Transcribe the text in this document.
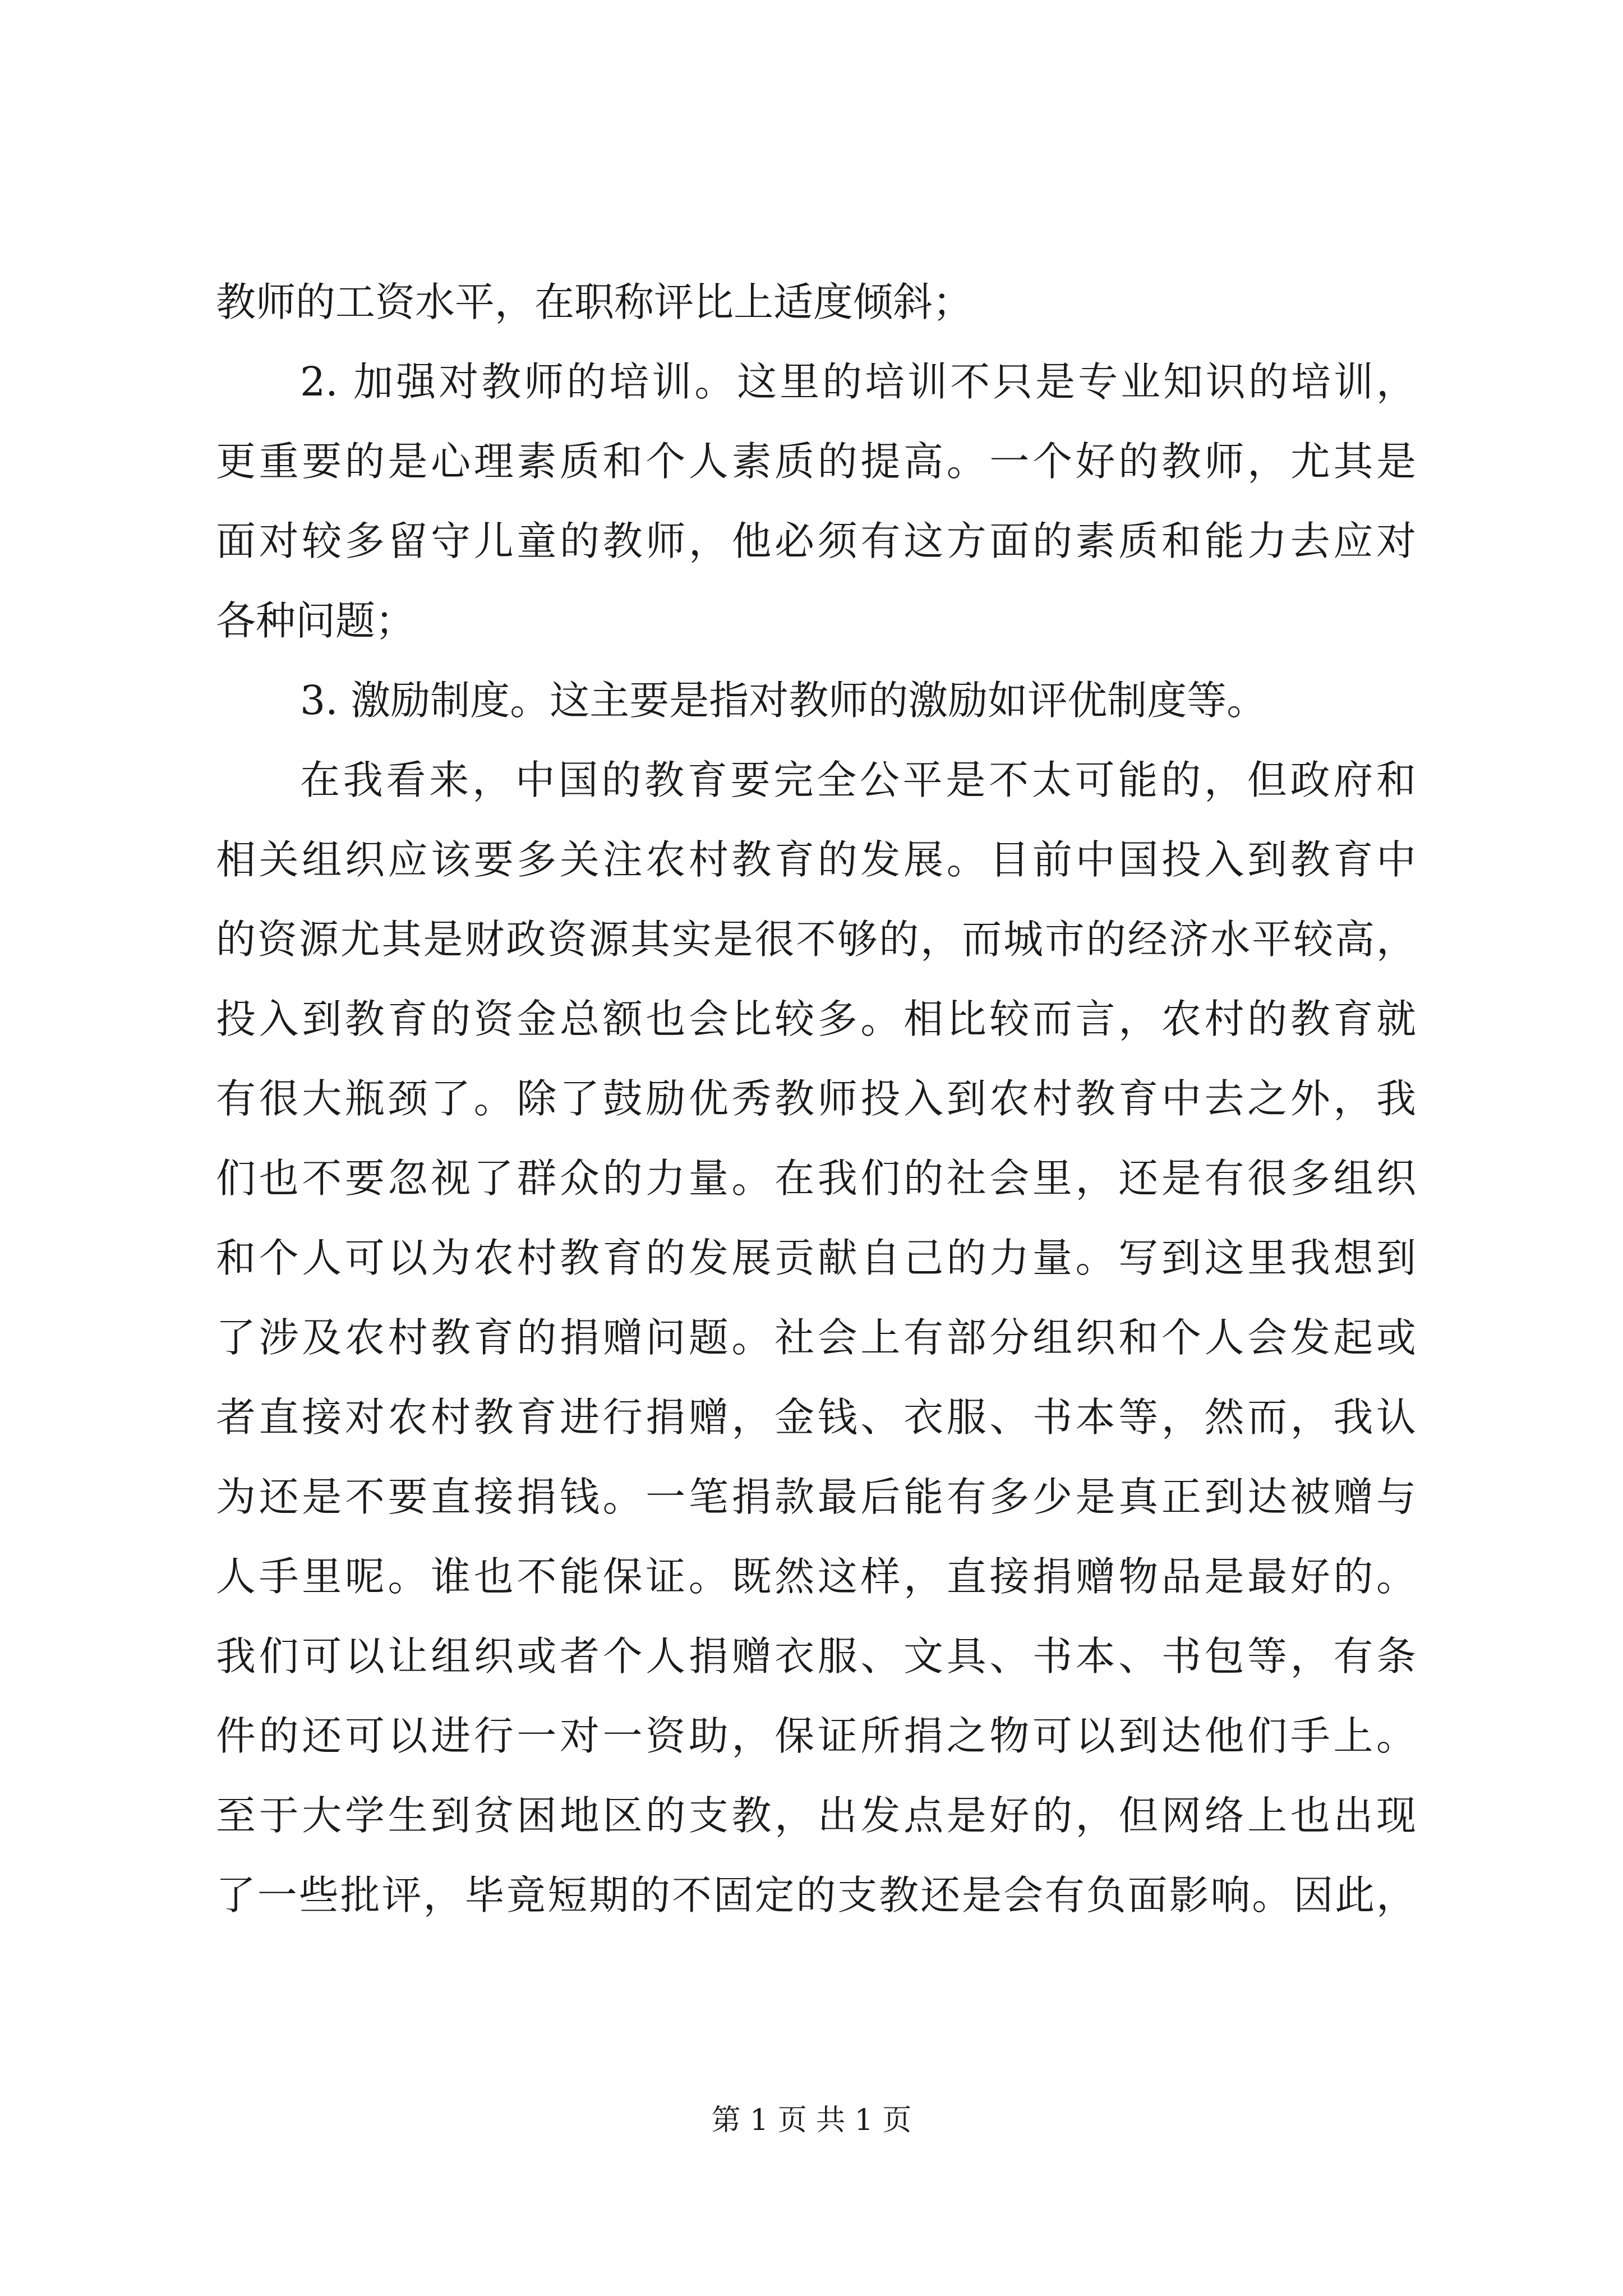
教师的工资水平，在职称评比上适度倾斜；
2. 加强对教师的培训。这里的培训不只是专业知识的培训，
更重要的是心理素质和个人素质的提高。一个好的教师，尤其是
面对较多留守儿童的教师，他必须有这方面的素质和能力去应对
各种问题；
3. 激励制度。这主要是指对教师的激励如评优制度等。
在我看来，中国的教育要完全公平是不太可能的，但政府和
相关组织应该要多关注农村教育的发展。目前中国投入到教育中
的资源尤其是财政资源其实是很不够的，而城市的经济水平较高，
投入到教育的资金总额也会比较多。相比较而言，农村的教育就
有很大瓶颈了。除了鼓励优秀教师投入到农村教育中去之外，我
们也不要忽视了群众的力量。在我们的社会里，还是有很多组织
和个人可以为农村教育的发展贡献自己的力量。写到这里我想到
了涉及农村教育的捐赠问题。社会上有部分组织和个人会发起或
者直接对农村教育进行捐赠，金钱、衣服、书本等，然而，我认
为还是不要直接捐钱。一笔捐款最后能有多少是真正到达被赠与
人手里呢。谁也不能保证。既然这样，直接捐赠物品是最好的。
我们可以让组织或者个人捐赠衣服、文具、书本、书包等，有条
件的还可以进行一对一资助，保证所捐之物可以到达他们手上。
至于大学生到贫困地区的支教，出发点是好的，但网络上也出现
了一些批评，毕竟短期的不固定的支教还是会有负面影响。因此，
第 1 页 共 1 页
